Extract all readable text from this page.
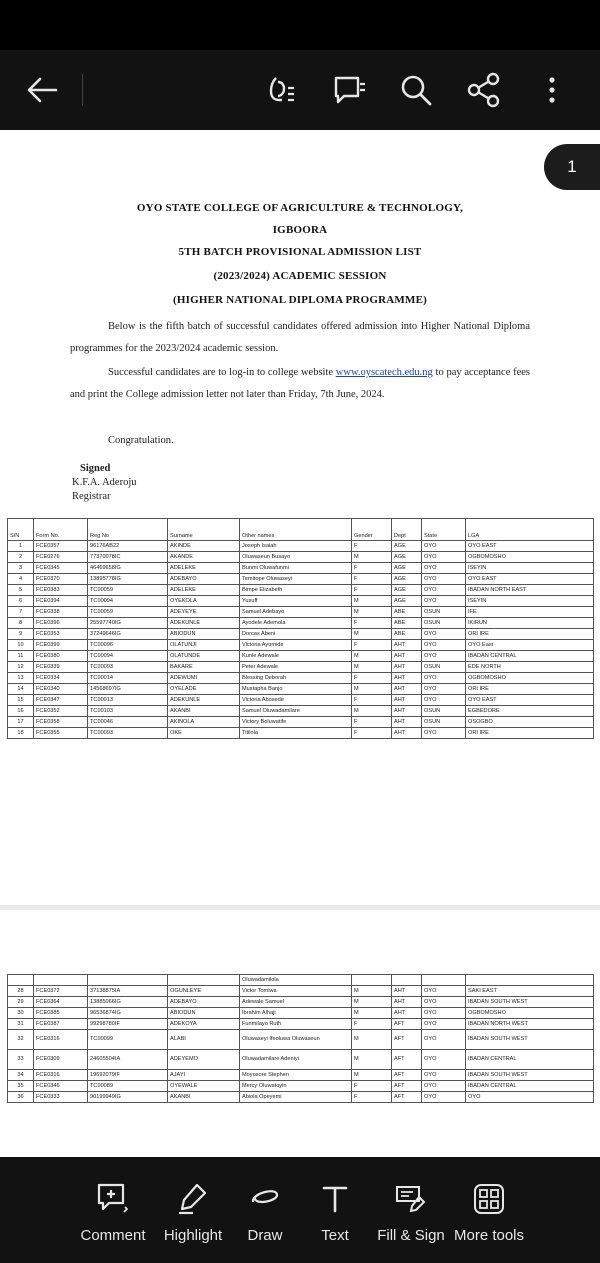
OYO STATE COLLEGE OF AGRICULTURE & TECHNOLOGY,
IGBOORA
5TH BATCH PROVISIONAL ADMISSION LIST
(2023/2024) ACADEMIC SESSION
(HIGHER NATIONAL DIPLOMA PROGRAMME)
Below is the fifth batch of successful candidates offered admission into Higher National Diploma programmes for the 2023/2024 academic session.
Successful candidates are to log-in to college website www.oyscatech.edu.ng to pay acceptance fees and print the College admission letter not later than Friday, 7th June, 2024.
Congratulation.
Signed
K.F.A. Aderoju
Registrar
S/N	Form No.	Reg No	Surname	Other names	Gender	Dept	State	LGA
1	FCE0357	96176AB22	AKINDE	Joseph Isaiah	F	AGE	OYO	OYO EAST
2	FCE0276	77370078IC	AKANDE	Oluwaseun Busayo	M	AGE	OYO	OGBOMOSHO
3	FCE0345	46469658IG	ADELEKE	Bunmi Oluwafunmi	F	AGE	OYO	ISEYIN
4	FCE0370	13895778IG	ADEBAYO	Temitope Oluwaseyi	F	AGE	OYO	OYO EAST
5	FCE0383	TC00059	ADELEKE	Bimpe Elizabeth	F	AGE	OYO	IBADAN NORTH EAST
6	FCE0394	TC00094	OYEKOLA	Yusuff	M	AGE	OYO	ISEYIN
7	FCE0338	TC00059	ADEYEYE	Samuel Adebayo	M	ABE	OSUN	IFE
8	FCE0396	25597740IG	ADEKUNLE	Ayodele Ademola	F	ABE	OSUN	IKIRUN
9	FCE0353	37249646IG	ABIODUN	Dorcas Abeni	M	ABE	OYO	ORI IRE
10	FCE0399	TC00096	OLATUNJI	Victoria Ayomide	F	AHT	OYO	OYO East
11	FCE0380	TC00094	OLATUNDE	Kunle Adewale	M	AHT	OYO	IBADAN CENTRAL
12	FCE0339	TC00093	BAKARE	Peter Adewale	M	AHT	OSUN	EDE NORTH
13	FCE0334	TC00014	ADEWUMI	Blessing Deborah	F	AHT	OYO	OGBOMOSHO
14	FCE0340	14568697IG	OYELADE	Mustapha Banjo	M	AHT	OYO	ORI IRE
15	FCE0347	TC00013	ADEKUNLE	Victoria Abosede	F	AHT	OYO	OYO EAST
16	FCE0352	TC00103	AKANBI	Samuel Oluwadamilare	M	AHT	OSUN	EGBEDORE
17	FCE0358	TC00046	AKINOLA	Victory Boluwatife	F	AHT	OSUN	OSOGBO
18	FCE0355	TC00093	OKE	Titilola	F	AHT	OYO	ORI IRE
				Oluwadamilola				
28	FCE0372	37138875IA	OGUNLEYE	Victor Tomiwa	M	AHT	OYO	SAKI EAST
29	FCE0364	13885066IG	ADEBAYO	Adewale Samuel	M	AHT	OYO	IBADAN SOUTH WEST
30	FCE0385	96536874IG	ABIODUN	Ibrahim Alhaji	M	AHT	OYO	OGBOMOSHO
31	FCE0387	99298780IF	ADEKOYA	Funmilayo Ruth	F	AFT	OYO	IBADAN NORTH WEST
32	FCE0316	TC00099	ALABI	Oluwaseyi Ifeoluwa Oluwaseun	M	AFT	OYO	IBADAN SOUTH WEST
33	FCE0309	24605504IA	ADEYEMO	Oluwadamilare Adeniyi	M	AFT	OYO	IBADAN CENTRAL
34	FCE0316	19692079IF	AJAYI	Moyosore Stephen	M	AFT	OYO	IBADAN SOUTH WEST
35	FCE0346	TC00089	OYEWALE	Mercy Oluwatoyin	F	AFT	OYO	IBADAN CENTRAL
36	FCE0333	90199949IG	AKANBI	Abiola Opeyemi	F	AFT	OYO	OYO
1
Comment	Highlight	Draw	Text	Fill & Sign More tools
